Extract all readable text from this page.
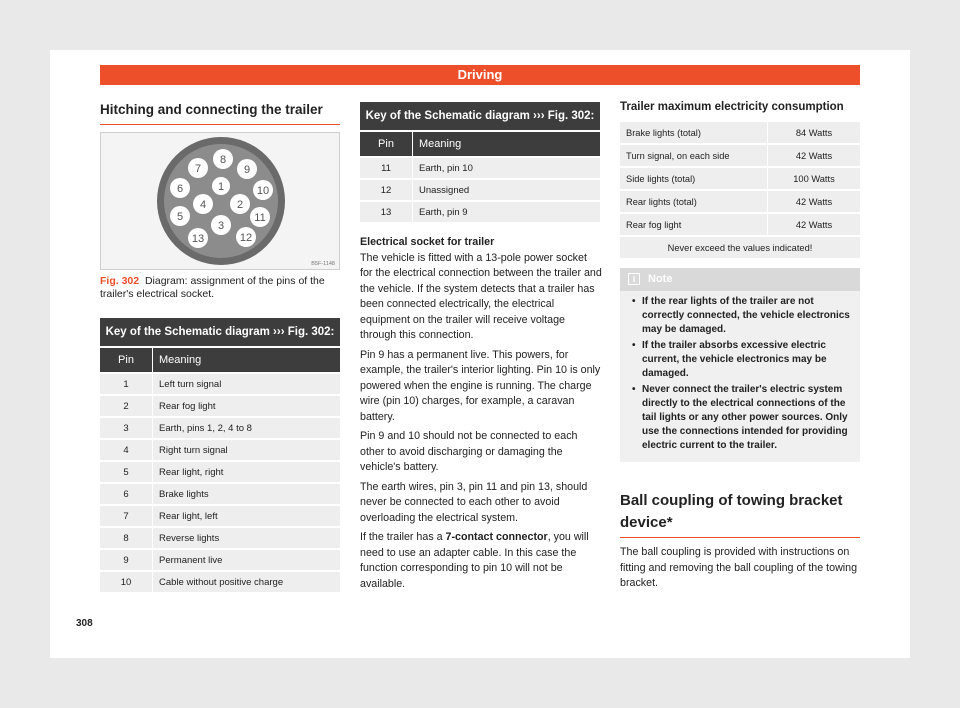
Driving
Hitching and connecting the trailer
1
2
3
4
5
6
7
8
9
10
11
12
13
B5F-1148
Fig. 302 Diagram: assignment of the pins of the trailer's electrical socket.
Key of the Schematic diagram ››› Fig. 302:	
Pin	Meaning
1	Left turn signal
2	Rear fog light
3	Earth, pins 1, 2, 4 to 8
4	Right turn signal
5	Rear light, right
6	Brake lights
7	Rear light, left
8	Reverse lights
9	Permanent live
10	Cable without positive charge
Key of the Schematic diagram ››› Fig. 302:	
Pin	Meaning
11	Earth, pin 10
12	Unassigned
13	Earth, pin 9
Electrical socket for trailer
The vehicle is fitted with a 13-pole power socket for the electrical connection between the trailer and the vehicle. If the system detects that a trailer has been connected electrically, the electrical equipment on the trailer will receive voltage through this connection.
Pin 9 has a permanent live. This powers, for example, the trailer's interior lighting. Pin 10 is only powered when the engine is running. The charge wire (pin 10) charges, for example, a caravan battery.
Pin 9 and 10 should not be connected to each other to avoid discharging or damaging the vehicle's battery.
The earth wires, pin 3, pin 11 and pin 13, should never be connected to each other to avoid overloading the electrical system.
If the trailer has a 7-contact connector, you will need to use an adapter cable. In this case the function corresponding to pin 10 will not be available.
Trailer maximum electricity consumption
Brake lights (total)	84 Watts
Turn signal, on each side	42 Watts
Side lights (total)	100 Watts
Rear lights (total)	42 Watts
Rear fog light	42 Watts
Never exceed the values indicated!	
i Note
• If the rear lights of the trailer are not correctly connected, the vehicle electronics may be damaged.
• If the trailer absorbs excessive electric current, the vehicle electronics may be damaged.
• Never connect the trailer's electric system directly to the electrical connections of the tail lights or any other power sources. Only use the connections intended for providing electric current to the trailer.
Ball coupling of towing bracket device*
The ball coupling is provided with instructions on fitting and removing the ball coupling of the towing bracket.
308
